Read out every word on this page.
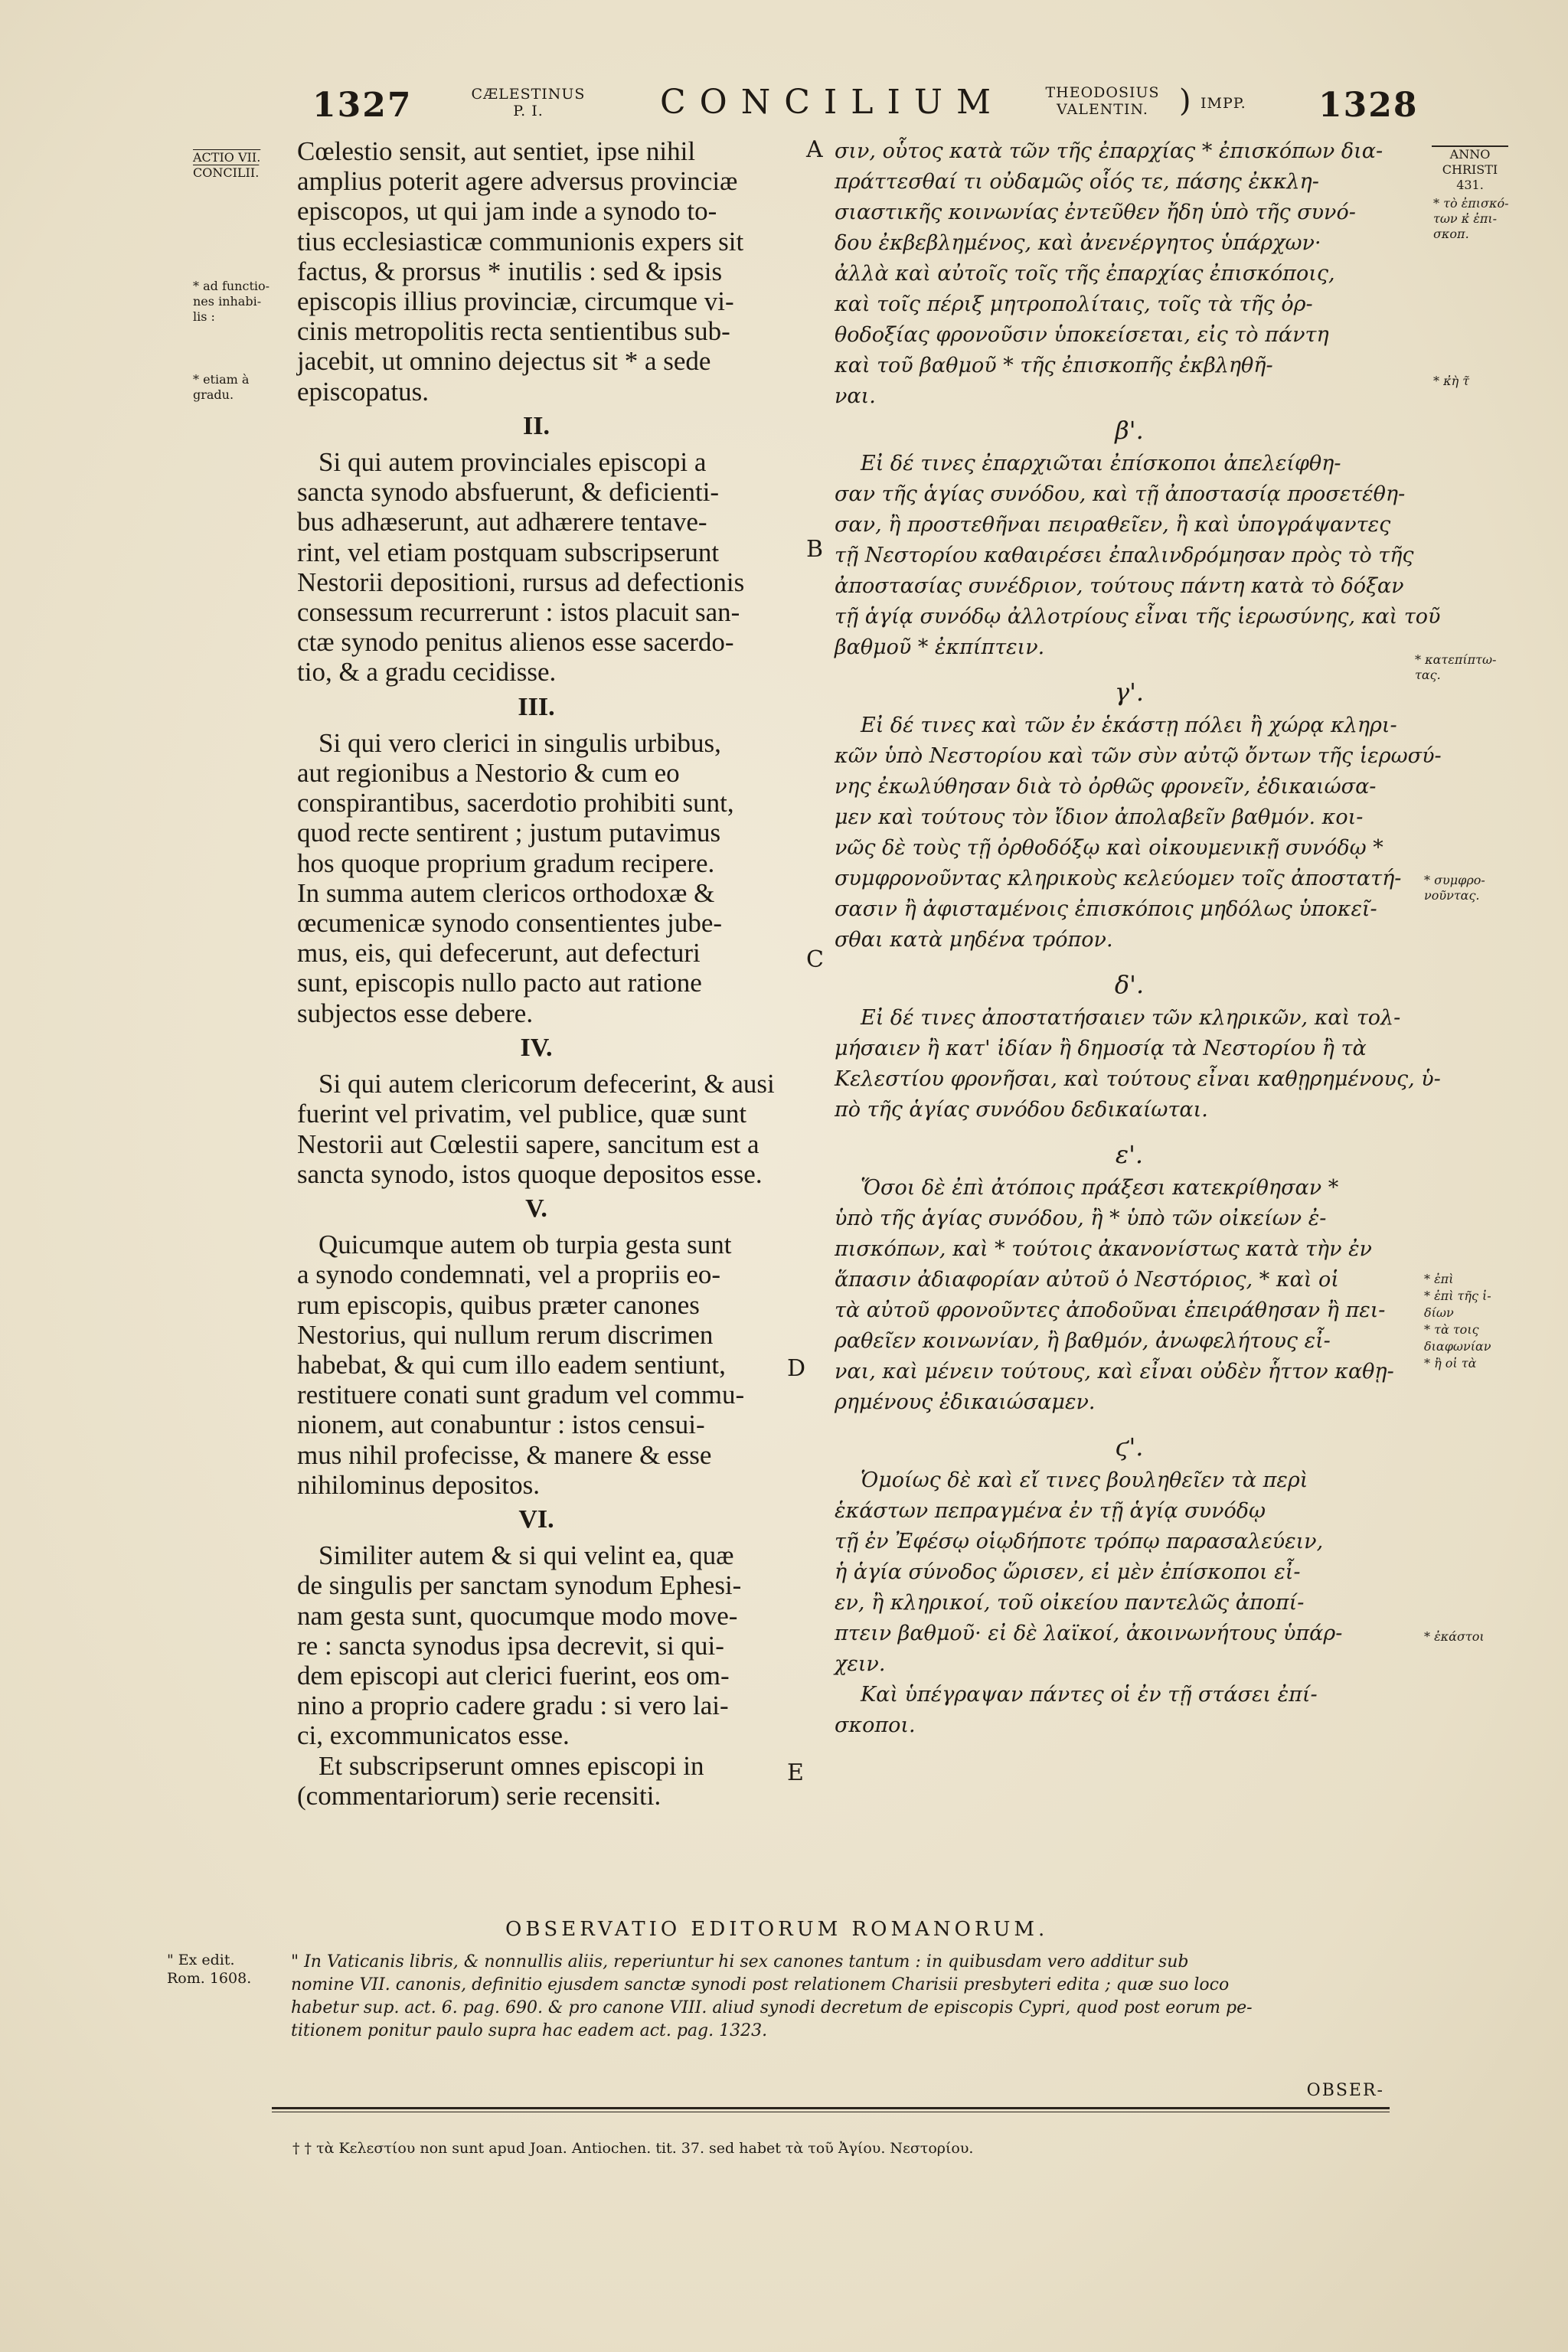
1327	CÆLESTINUS
P. I.	CONCILIUM	THEODOSIUS
VALENTIN.	) IMPP. 1328
ACTIO VII.
CONCILII.
* ad functio-
nes inhabi-
lis :
* etiam à
gradu.
ANNO
CHRISTI
431.
* τὸ ἐπισκό-
των κ̓ ἐπι-
σκοπ.
* κ̓ὴ τ̃
* κατεπίπτω-
τας.
* συμφρο-
νοῦντας.
* ἐπὶ
* ἐπὶ τῆς ἰ-
δίων
* τὰ τοις
διαφωνίαν
* ἢ οἱ τὰ
* ἐκάστοι
A
B
C
D
E

Cœlestio sensit, aut sentiet, ipse nihil

amplius poterit agere adversus provinciæ

episcopos, ut qui jam inde a synodo to-

tius ecclesiasticæ communionis expers sit

factus, & prorsus * inutilis : sed & ipsis

episcopis illius provinciæ, circumque vi-

cinis metropolitis recta sentientibus sub-

jacebit, ut omnino dejectus sit * a sede

episcopatus.

II.

Si qui autem provinciales episcopi a

sancta synodo absfuerunt, & deficienti-

bus adhæserunt, aut adhærere tentave-

rint, vel etiam postquam subscripserunt

Nestorii depositioni, rursus ad defectionis

consessum recurrerunt : istos placuit san-

ctæ synodo penitus alienos esse sacerdo-

tio, & a gradu cecidisse.

III.

Si qui vero clerici in singulis urbibus,

aut regionibus a Nestorio & cum eo

conspirantibus, sacerdotio prohibiti sunt,

quod recte sentirent ; justum putavimus

hos quoque proprium gradum recipere.

In summa autem clericos orthodoxæ &

œcumenicæ synodo consentientes jube-

mus, eis, qui defecerunt, aut defecturi

sunt, episcopis nullo pacto aut ratione

subjectos esse debere.

IV.

Si qui autem clericorum defecerint, & ausi

fuerint vel privatim, vel publice, quæ sunt

Nestorii aut Cœlestii sapere, sancitum est a

sancta synodo, istos quoque depositos esse.

V.

Quicumque autem ob turpia gesta sunt

a synodo condemnati, vel a propriis eo-

rum episcopis, quibus præter canones

Nestorius, qui nullum rerum discrimen

habebat, & qui cum illo eadem sentiunt,

restituere conati sunt gradum vel commu-

nionem, aut conabuntur : istos censui-

mus nihil profecisse, & manere & esse

nihilominus depositos.

VI.

Similiter autem & si qui velint ea, quæ

de singulis per sanctam synodum Ephesi-

nam gesta sunt, quocumque modo move-

re : sancta synodus ipsa decrevit, si qui-

dem episcopi aut clerici fuerint, eos om-

nino a proprio cadere gradu : si vero lai-

ci, excommunicatos esse.

Et subscripserunt omnes episcopi in

(commentariorum) serie recensiti.

σιν, οὗτος κατὰ τῶν τῆς ἐπαρχίας * ἐπισκόπων δια-

πράττεσθαί τι οὐδαμῶς οἷός τε, πάσης ἐκκλη-

σιαστικῆς κοινωνίας ἐντεῦθεν ἤδη ὑπὸ τῆς συνό-

δου ἐκβεβλημένος, καὶ ἀνενέργητος ὑπάρχων·

ἀλλὰ καὶ αὐτοῖς τοῖς τῆς ἐπαρχίας ἐπισκόποις,

καὶ τοῖς πέριξ μητροπολίταις, τοῖς τὰ τῆς ὀρ-

θοδοξίας φρονοῦσιν ὑποκείσεται, εἰς τὸ πάντη

καὶ τοῦ βαθμοῦ * τῆς ἐπισκοπῆς ἐκβληθῆ-

ναι.

β'.

Εἰ δέ τινες ἐπαρχιῶται ἐπίσκοποι ἀπελείφθη-

σαν τῆς ἁγίας συνόδου, καὶ τῇ ἀποστασίᾳ προσετέθη-

σαν, ἢ προστεθῆναι πειραθεῖεν, ἢ καὶ ὑπογράψαντες

τῇ Νεστορίου καθαιρέσει ἐπαλινδρόμησαν πρὸς τὸ τῆς

ἀποστασίας συνέδριον, τούτους πάντη κατὰ τὸ δόξαν

τῇ ἁγίᾳ συνόδῳ ἀλλοτρίους εἶναι τῆς ἱερωσύνης, καὶ τοῦ

βαθμοῦ * ἐκπίπτειν.

γ'.

Εἰ δέ τινες καὶ τῶν ἐν ἑκάστῃ πόλει ἢ χώρᾳ κληρι-

κῶν ὑπὸ Νεστορίου καὶ τῶν σὺν αὐτῷ ὄντων τῆς ἱερωσύ-

νης ἐκωλύθησαν διὰ τὸ ὀρθῶς φρονεῖν, ἐδικαιώσα-

μεν καὶ τούτους τὸν ἴδιον ἀπολαβεῖν βαθμόν. κοι-

νῶς δὲ τοὺς τῇ ὀρθοδόξῳ καὶ οἰκουμενικῇ συνόδῳ *

συμφρονοῦντας κληρικοὺς κελεύομεν τοῖς ἀποστατή-

σασιν ἢ ἀφισταμένοις ἐπισκόποις μηδόλως ὑποκεῖ-

σθαι κατὰ μηδένα τρόπον.

δ'.

Εἰ δέ τινες ἀποστατήσαιεν τῶν κληρικῶν, καὶ τολ-

μήσαιεν ἢ κατ' ἰδίαν ἢ δημοσίᾳ τὰ Νεστορίου ἢ τὰ

Κελεστίου φρονῆσαι, καὶ τούτους εἶναι καθῃρημένους, ὑ-

πὸ τῆς ἁγίας συνόδου δεδικαίωται.

ε'.

Ὅσοι δὲ ἐπὶ ἀτόποις πράξεσι κατεκρίθησαν *

ὑπὸ τῆς ἁγίας συνόδου, ἢ * ὑπὸ τῶν οἰκείων ἐ-

πισκόπων, καὶ * τούτοις ἀκανονίστως κατὰ τὴν ἐν

ἅπασιν ἀδιαφορίαν αὐτοῦ ὁ Νεστόριος, * καὶ οἱ

τὰ αὐτοῦ φρονοῦντες ἀποδοῦναι ἐπειράθησαν ἢ πει-

ραθεῖεν κοινωνίαν, ἢ βαθμόν, ἀνωφελήτους εἶ-

ναι, καὶ μένειν τούτους, καὶ εἶναι οὐδὲν ἧττον καθῃ-

ρημένους ἐδικαιώσαμεν.

ϛ'.

Ὁμοίως δὲ καὶ εἴ τινες βουληθεῖεν τὰ περὶ

ἑκάστων πεπραγμένα ἐν τῇ ἁγίᾳ συνόδῳ

τῇ ἐν Ἐφέσῳ οἱῳδήποτε τρόπῳ παρασαλεύειν,

ἡ ἁγία σύνοδος ὥρισεν, εἰ μὲν ἐπίσκοποι εἶ-

εν, ἢ κληρικοί, τοῦ οἰκείου παντελῶς ἀποπί-

πτειν βαθμοῦ· εἰ δὲ λαϊκοί, ἀκοινωνήτους ὑπάρ-

χειν.

Καὶ ὑπέγραψαν πάντες οἱ ἐν τῇ στάσει ἐπί-

σκοποι.

OBSERVATIO EDITORUM ROMANORUM.
" Ex edit.
Rom. 1608.

" In Vaticanis libris, & nonnullis aliis, reperiuntur hi sex canones tantum : in quibusdam vero additur sub

nomine VII. canonis, definitio ejusdem sanctæ synodi post relationem Charisii presbyteri edita ; quæ suo loco

habetur sup. act. 6. pag. 690. & pro canone VIII. aliud synodi decretum de episcopis Cypri, quod post eorum pe-

titionem ponitur paulo supra hac eadem act. pag. 1323.

OBSER-
† † τὰ Κελεστίου non sunt apud Joan. Antiochen. tit. 37. sed habet τὰ τοῦ Ἀγίου. Νεστορίου.
